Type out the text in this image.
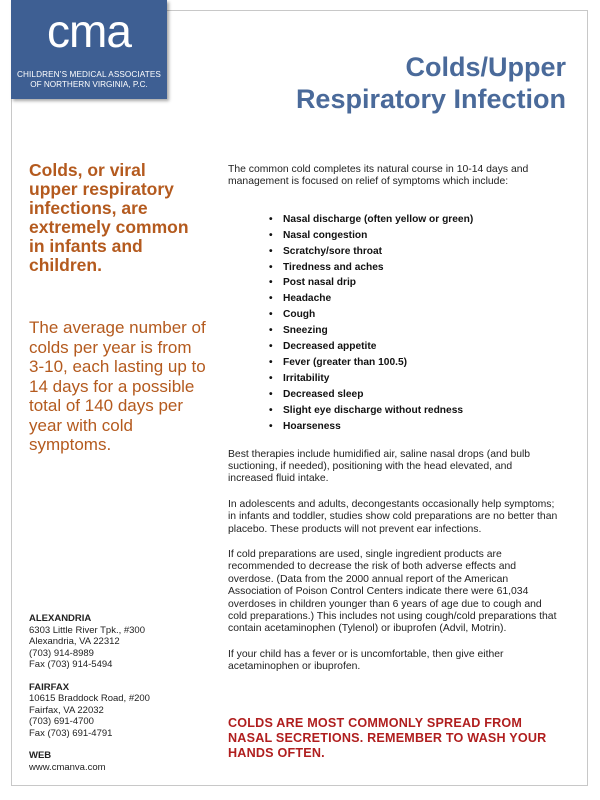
cma
CHILDREN’S MEDICAL ASSOCIATES
OF NORTHERN VIRGINIA, P.C.
Colds/Upper
Respiratory Infection

Colds, or viral upper respiratory infections, are extremely common in infants and children.

The average number of colds per year is from 3-10, each lasting up to 14 days for a possible total of 140 days per year with cold symptoms.

ALEXANDRIA
6303 Little River Tpk., #300
Alexandria, VA 22312
(703) 914-8989
Fax (703) 914-5494
FAIRFAX
10615 Braddock Road, #200
Fairfax, VA 22032
(703) 691-4700
Fax (703) 691-4791
WEB
www.cmanva.com

The common cold completes its natural course in 10-14 days and management is focused on relief of symptoms which include:

• Nasal discharge (often yellow or green)
• Nasal congestion
• Scratchy/sore throat
• Tiredness and aches
• Post nasal drip
• Headache
• Cough
• Sneezing
• Decreased appetite
• Fever (greater than 100.5)
• Irritability
• Decreased sleep
• Slight eye discharge without redness
• Hoarseness

Best therapies include humidified air, saline nasal drops (and bulb suctioning, if needed), positioning with the head elevated, and increased fluid intake.

In adolescents and adults, decongestants occasionally help symptoms; in infants and toddler, studies show cold preparations are no better than placebo. These products will not prevent ear infections.

If cold preparations are used, single ingredient products are recommended to decrease the risk of both adverse effects and overdose. (Data from the 2000 annual report of the American Association of Poison Control Centers indicate there were 61,034 overdoses in children younger than 6 years of age due to cough and cold preparations.) This includes not using cough/cold preparations that contain acetaminophen (Tylenol) or ibuprofen (Advil, Motrin).

If your child has a fever or is uncomfortable, then give either acetaminophen or ibuprofen.

COLDS ARE MOST COMMONLY SPREAD FROM NASAL SECRETIONS. REMEMBER TO WASH YOUR HANDS OFTEN.
